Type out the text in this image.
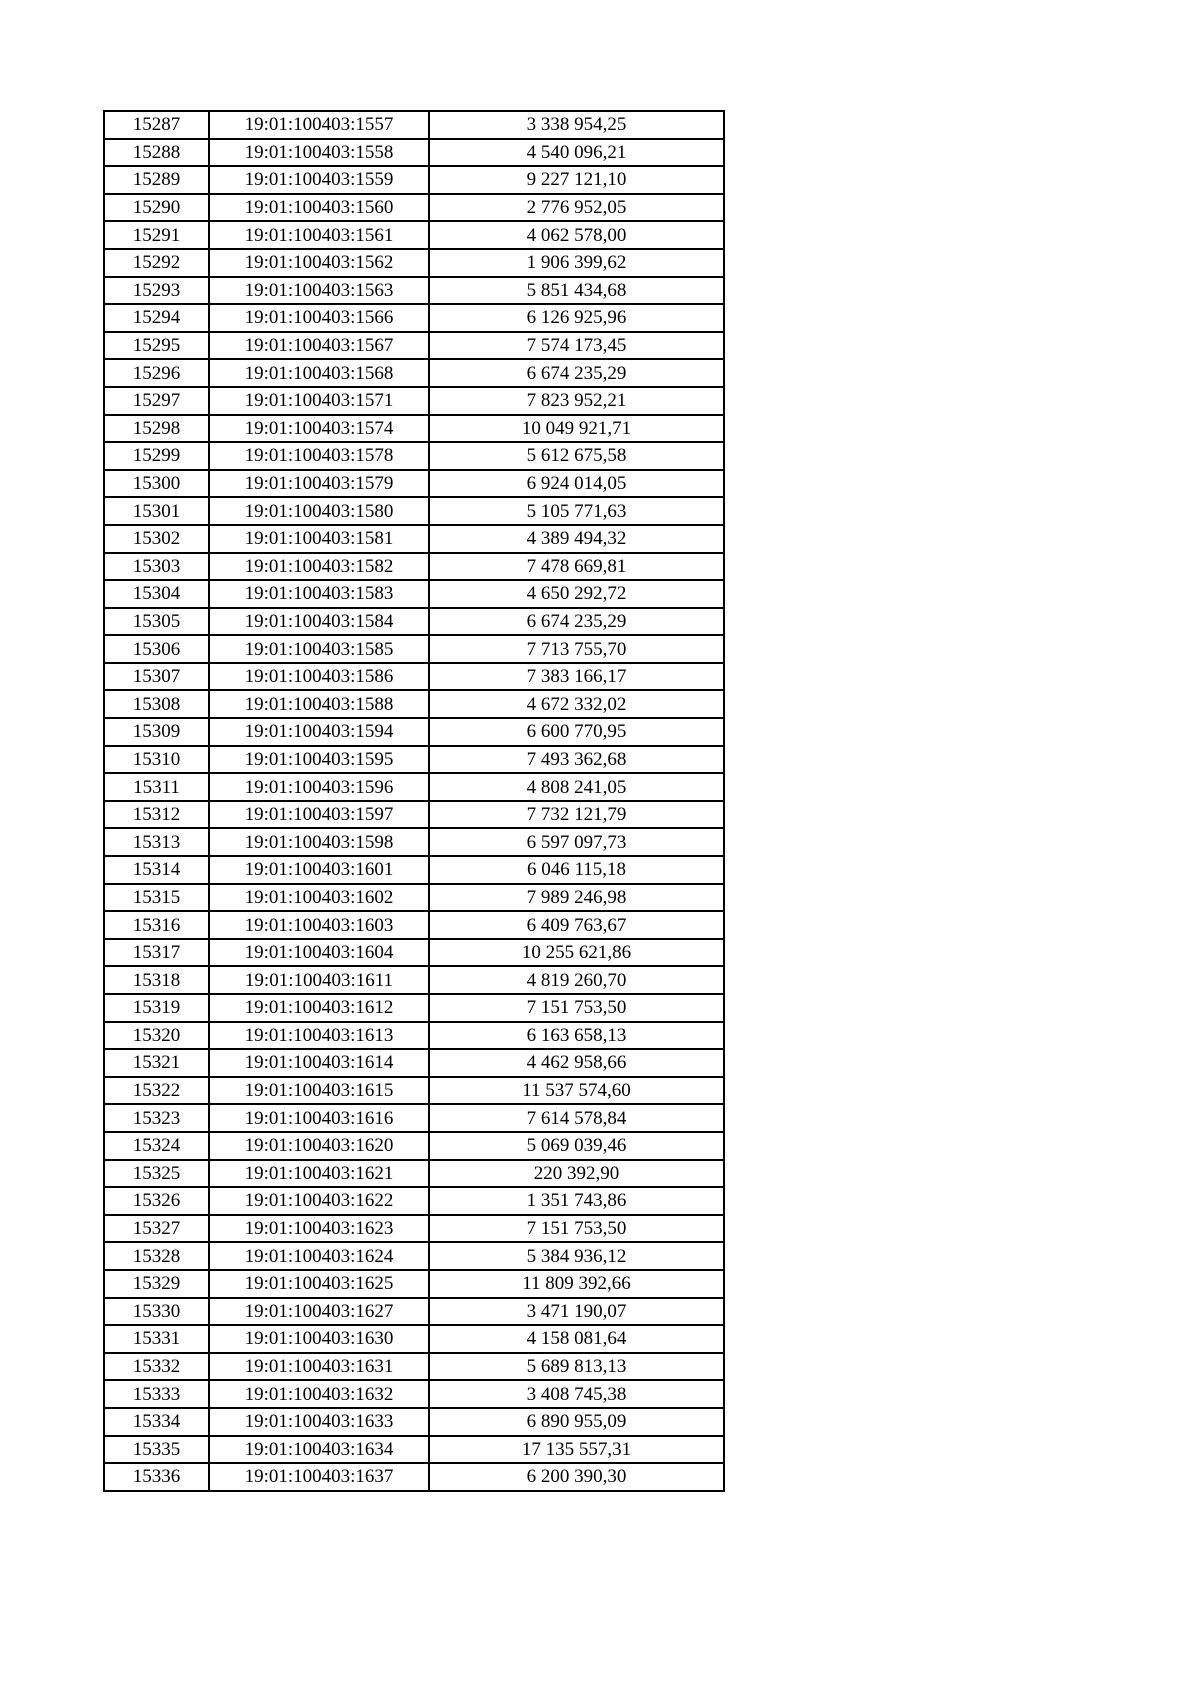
15287	19:01:100403:1557	3 338 954,25
15288	19:01:100403:1558	4 540 096,21
15289	19:01:100403:1559	9 227 121,10
15290	19:01:100403:1560	2 776 952,05
15291	19:01:100403:1561	4 062 578,00
15292	19:01:100403:1562	1 906 399,62
15293	19:01:100403:1563	5 851 434,68
15294	19:01:100403:1566	6 126 925,96
15295	19:01:100403:1567	7 574 173,45
15296	19:01:100403:1568	6 674 235,29
15297	19:01:100403:1571	7 823 952,21
15298	19:01:100403:1574	10 049 921,71
15299	19:01:100403:1578	5 612 675,58
15300	19:01:100403:1579	6 924 014,05
15301	19:01:100403:1580	5 105 771,63
15302	19:01:100403:1581	4 389 494,32
15303	19:01:100403:1582	7 478 669,81
15304	19:01:100403:1583	4 650 292,72
15305	19:01:100403:1584	6 674 235,29
15306	19:01:100403:1585	7 713 755,70
15307	19:01:100403:1586	7 383 166,17
15308	19:01:100403:1588	4 672 332,02
15309	19:01:100403:1594	6 600 770,95
15310	19:01:100403:1595	7 493 362,68
15311	19:01:100403:1596	4 808 241,05
15312	19:01:100403:1597	7 732 121,79
15313	19:01:100403:1598	6 597 097,73
15314	19:01:100403:1601	6 046 115,18
15315	19:01:100403:1602	7 989 246,98
15316	19:01:100403:1603	6 409 763,67
15317	19:01:100403:1604	10 255 621,86
15318	19:01:100403:1611	4 819 260,70
15319	19:01:100403:1612	7 151 753,50
15320	19:01:100403:1613	6 163 658,13
15321	19:01:100403:1614	4 462 958,66
15322	19:01:100403:1615	11 537 574,60
15323	19:01:100403:1616	7 614 578,84
15324	19:01:100403:1620	5 069 039,46
15325	19:01:100403:1621	220 392,90
15326	19:01:100403:1622	1 351 743,86
15327	19:01:100403:1623	7 151 753,50
15328	19:01:100403:1624	5 384 936,12
15329	19:01:100403:1625	11 809 392,66
15330	19:01:100403:1627	3 471 190,07
15331	19:01:100403:1630	4 158 081,64
15332	19:01:100403:1631	5 689 813,13
15333	19:01:100403:1632	3 408 745,38
15334	19:01:100403:1633	6 890 955,09
15335	19:01:100403:1634	17 135 557,31
15336	19:01:100403:1637	6 200 390,30
